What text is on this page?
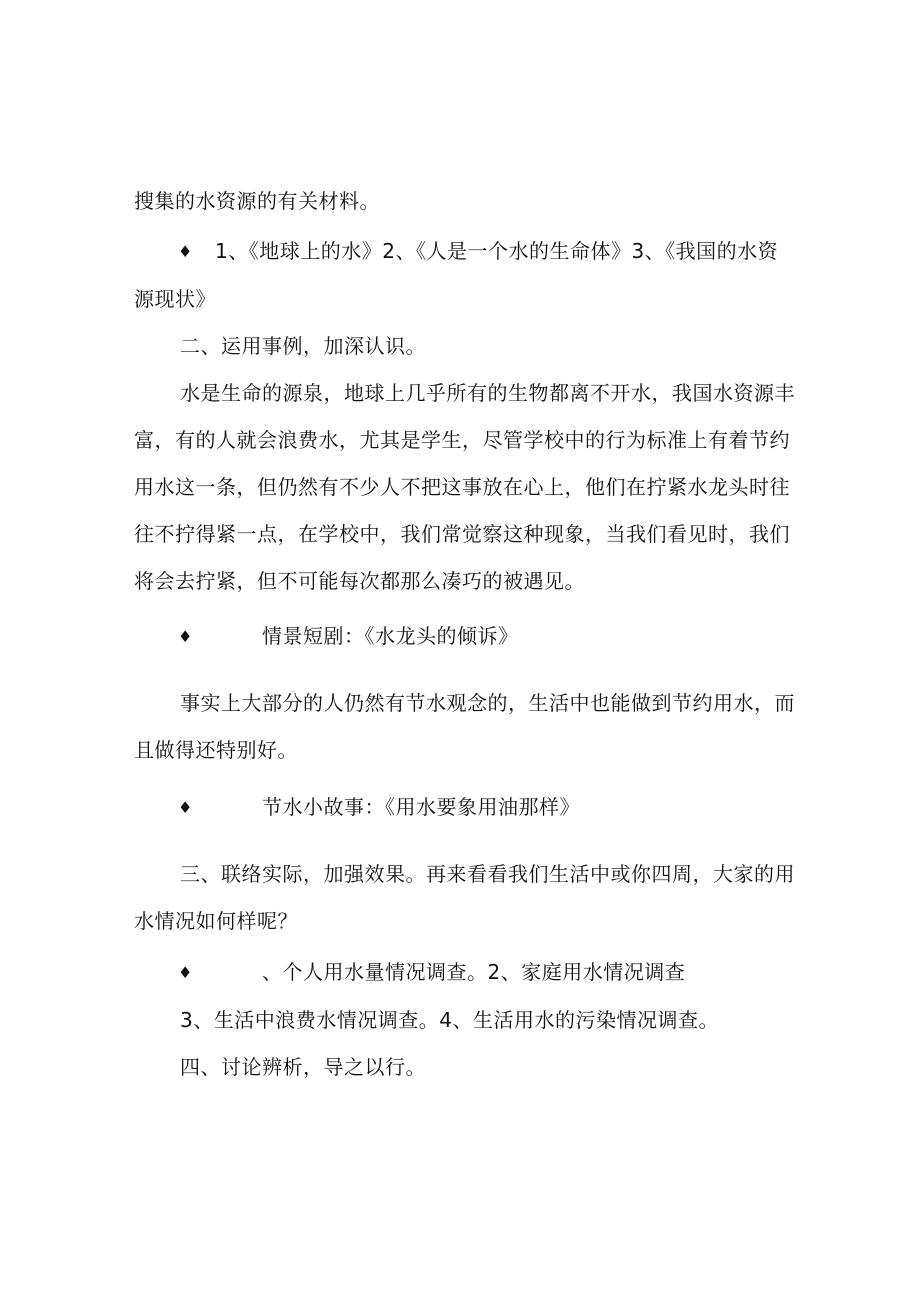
搜集的水资源的有关材料。
♦ 1、《地球上的水》2、《人是一个水的生命体》3、《我国的水资
源现状》
二、运用事例，加深认识。
水是生命的源泉，地球上几乎所有的生物都离不开水，我国水资源丰
富，有的人就会浪费水，尤其是学生，尽管学校中的行为标准上有着节约
用水这一条，但仍然有不少人不把这事放在心上，他们在拧紧水龙头时往
往不拧得紧一点，在学校中，我们常觉察这种现象，当我们看见时，我们
将会去拧紧，但不可能每次都那么凑巧的被遇见。
♦	情景短剧：《水龙头的倾诉》
事实上大部分的人仍然有节水观念的，生活中也能做到节约用水，而
且做得还特别好。
♦	节水小故事：《用水要象用油那样》
三、联络实际，加强效果。再来看看我们生活中或你四周，大家的用
水情况如何样呢？
♦	、个人用水量情况调查。2、家庭用水情况调查
3、生活中浪费水情况调查。4、生活用水的污染情况调查。
四、讨论辨析，导之以行。
